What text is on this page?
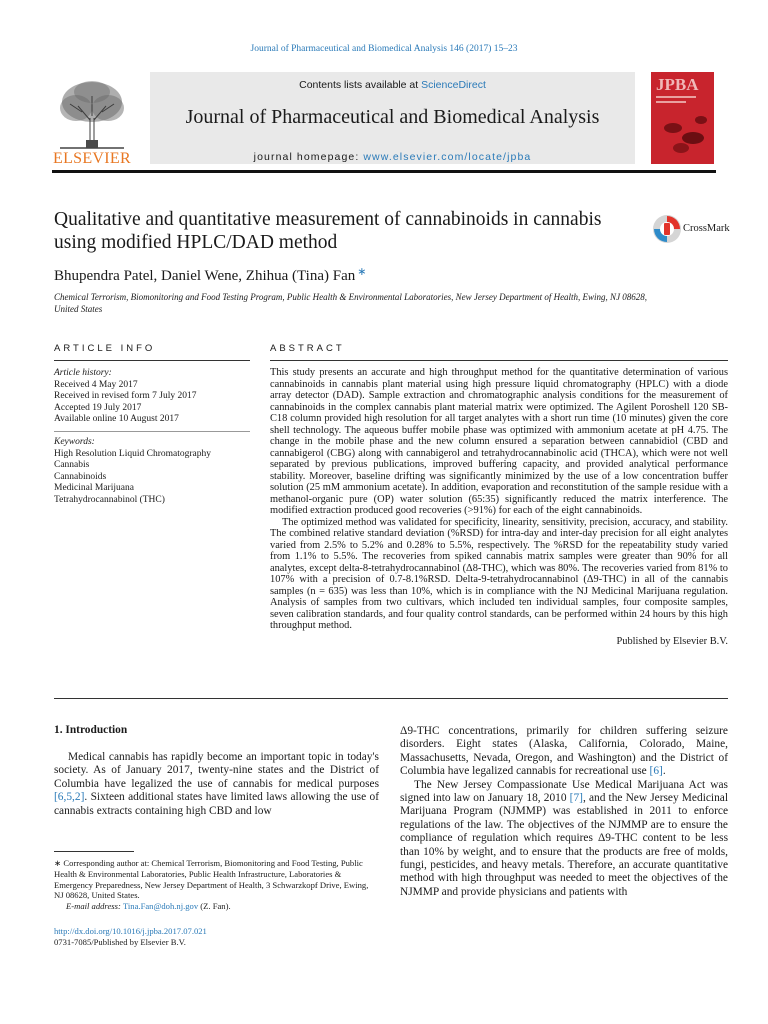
Journal of Pharmaceutical and Biomedical Analysis 146 (2017) 15–23
ELSEVIER
Contents lists available at ScienceDirect
Journal of Pharmaceutical and Biomedical Analysis
journal homepage: www.elsevier.com/locate/jpba
JPBA
Qualitative and quantitative measurement of cannabinoids in cannabis using modified HPLC/DAD method
CrossMark
Bhupendra Patel, Daniel Wene, Zhihua (Tina) Fan ∗
Chemical Terrorism, Biomonitoring and Food Testing Program, Public Health & Environmental Laboratories, New Jersey Department of Health, Ewing, NJ 08628, United States
ARTICLE INFO	ABSTRACT
Article history:
Received 4 May 2017
Received in revised form 7 July 2017
Accepted 19 July 2017
Available online 10 August 2017
Keywords:
High Resolution Liquid Chromatography
Cannabis
Cannabinoids
Medicinal Marijuana
Tetrahydrocannabinol (THC)

This study presents an accurate and high throughput method for the quantitative determination of various cannabinoids in cannabis plant material using high pressure liquid chromatography (HPLC) with a diode array detector (DAD). Sample extraction and chromatographic analysis conditions for the measurement of cannabinoids in the complex cannabis plant material matrix were optimized. The Agilent Poroshell 120 SB-C18 column provided high resolution for all target analytes with a short run time (10 minutes) given the core shell technology. The aqueous buffer mobile phase was optimized with ammonium acetate at pH 4.75. The change in the mobile phase and the new column ensured a separation between cannabidiol (CBD and cannabigerol (CBG) along with cannabigerol and tetrahydrocannabinolic acid (THCA), which were not well separated by previous publications, improved buffering capacity, and provided analytical performance stability. Moreover, baseline drifting was significantly minimized by the use of a low concentration buffer solution (25 mM ammonium acetate). In addition, evaporation and reconstitution of the sample residue with a methanol-organic pure (OP) water solution (65:35) significantly reduced the matrix interference. The modified extraction produced good recoveries (>91%) for each of the eight cannabinoids.

The optimized method was validated for specificity, linearity, sensitivity, precision, accuracy, and stability. The combined relative standard deviation (%RSD) for intra-day and inter-day precision for all eight analytes varied from 2.5% to 5.2% and 0.28% to 5.5%, respectively. The %RSD for the repeatability study varied from 1.1% to 5.5%. The recoveries from spiked cannabis matrix samples were greater than 90% for all analytes, except delta-8-tetrahydrocannabinol (Δ8-THC), which was 80%. The recoveries varied from 81% to 107% with a precision of 0.7-8.1%RSD. Delta-9-tetrahydrocannabinol (Δ9-THC) in all of the cannabis samples (n = 635) was less than 10%, which is in compliance with the NJ Medicinal Marijuana regulation. Analysis of samples from two cultivars, which included ten individual samples, four composite samples, seven calibration standards, and four quality control standards, can be performed within 24 hours by this high throughput method.

Published by Elsevier B.V.
1. Introduction

Medical cannabis has rapidly become an important topic in today's society. As of January 2017, twenty-nine states and the District of Columbia have legalized the use of cannabis for medical purposes [6,5,2]. Sixteen additional states have limited laws allowing the use of cannabis extracts containing high CBD and low

Δ9-THC concentrations, primarily for children suffering seizure disorders. Eight states (Alaska, California, Colorado, Maine, Massachusetts, Nevada, Oregon, and Washington) and the District of Columbia have legalized cannabis for recreational use [6].

The New Jersey Compassionate Use Medical Marijuana Act was signed into law on January 18, 2010 [7], and the New Jersey Medicinal Marijuana Program (NJMMP) was established in 2011 to enforce regulations of the law. The objectives of the NJMMP are to ensure the compliance of regulation which requires Δ9-THC content to be less than 10% by weight, and to ensure that the products are free of molds, fungi, pesticides, and heavy metals. Therefore, an accurate quantitative method with high throughput was needed to meet the objectives of the NJMMP and provide physicians and patients with

∗ Corresponding author at: Chemical Terrorism, Biomonitoring and Food Testing, Public Health & Environmental Laboratories, Public Health Infrastructure, Laboratories & Emergency Preparedness, New Jersey Department of Health, 3 Schwarzkopf Drive, Ewing, NJ 08628, United States.
E-mail address: Tina.Fan@doh.nj.gov (Z. Fan).
http://dx.doi.org/10.1016/j.jpba.2017.07.021
0731-7085/Published by Elsevier B.V.
